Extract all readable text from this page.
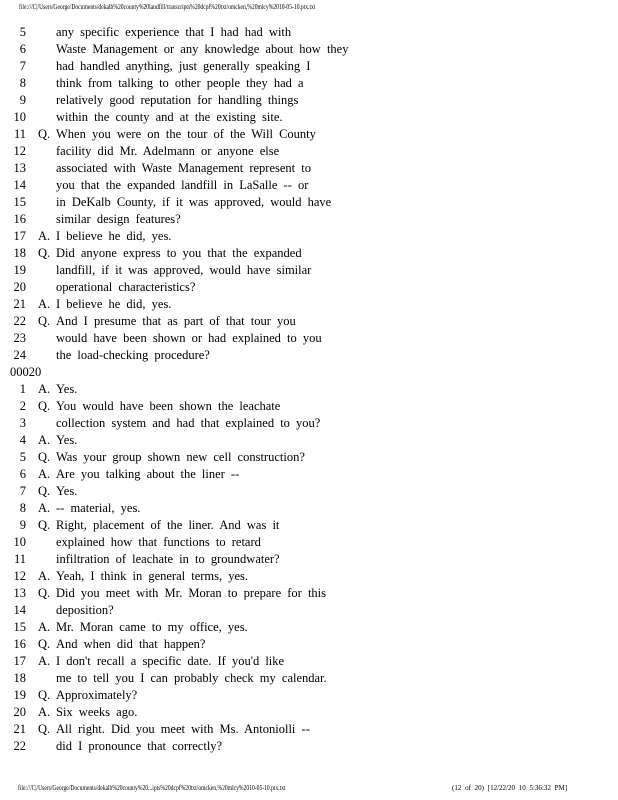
file:///C|/Users/George/Documents/dekalb%20county%20landfill/transcripts%20dcpf%20txt/omcken,%20mlcy%2010-05-10.ptx.txt
5 any specific experience that I had had with
6 Waste Management or any knowledge about how they
7 had handled anything, just generally speaking I
8 think from talking to other people they had a
9 relatively good reputation for handling things
10 within the county and at the existing site.
11 Q. When you were on the tour of the Will County
12 facility did Mr. Adelmann or anyone else
13 associated with Waste Management represent to
14 you that the expanded landfill in LaSalle -- or
15 in DeKalb County, if it was approved, would have
16 similar design features?
17 A. I believe he did, yes.
18 Q. Did anyone express to you that the expanded
19 landfill, if it was approved, would have similar
20 operational characteristics?
21 A. I believe he did, yes.
22 Q. And I presume that as part of that tour you
23 would have been shown or had explained to you
24 the load-checking procedure?
00020
1 A. Yes.
2 Q. You would have been shown the leachate
3 collection system and had that explained to you?
4 A. Yes.
5 Q. Was your group shown new cell construction?
6 A. Are you talking about the liner --
7 Q. Yes.
8 A. -- material, yes.
9 Q. Right, placement of the liner. And was it
10 explained how that functions to retard
11 infiltration of leachate in to groundwater?
12 A. Yeah, I think in general terms, yes.
13 Q. Did you meet with Mr. Moran to prepare for this
14 deposition?
15 A. Mr. Moran came to my office, yes.
16 Q. And when did that happen?
17 A. I don't recall a specific date. If you'd like
18 me to tell you I can probably check my calendar.
19 Q. Approximately?
20 A. Six weeks ago.
21 Q. All right. Did you meet with Ms. Antoniolli --
22 did I pronounce that correctly?
file:///C|/Users/George/Documents/dekalb%20county%20...ipts%20dcpf%20txt/omcken,%20mlcy%2010-05-10.ptx.txt	(12 of 20) [12/22/20 10 5:36:32 PM]
